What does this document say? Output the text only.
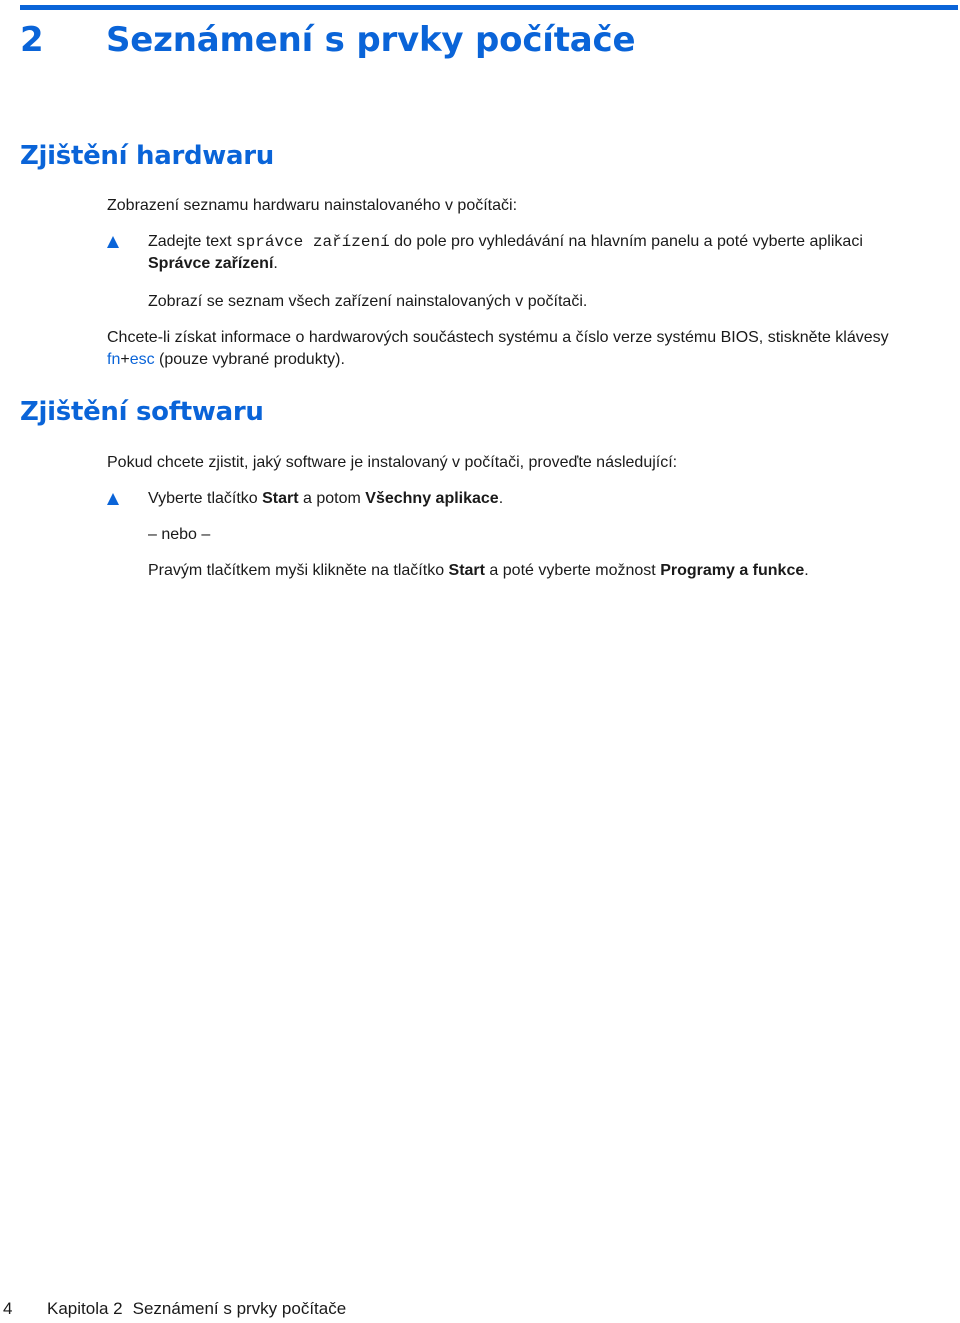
2 Seznámení s prvky počítače
Zjištění hardwaru

Zobrazení seznamu hardwaru nainstalovaného v počítači:

Zadejte text správce zařízení do pole pro vyhledávání na hlavním panelu a poté vyberte aplikaci
Správce zařízení.

Zobrazí se seznam všech zařízení nainstalovaných v počítači.

Chcete-li získat informace o hardwarových součástech systému a číslo verze systému BIOS, stiskněte klávesy
fn+esc (pouze vybrané produkty).

Zjištění softwaru

Pokud chcete zjistit, jaký software je instalovaný v počítači, proveďte následující:

Vyberte tlačítko Start a potom Všechny aplikace.

– nebo –

Pravým tlačítkem myši klikněte na tlačítko Start a poté vyberte možnost Programy a funkce.

4 Kapitola 2 Seznámení s prvky počítače
